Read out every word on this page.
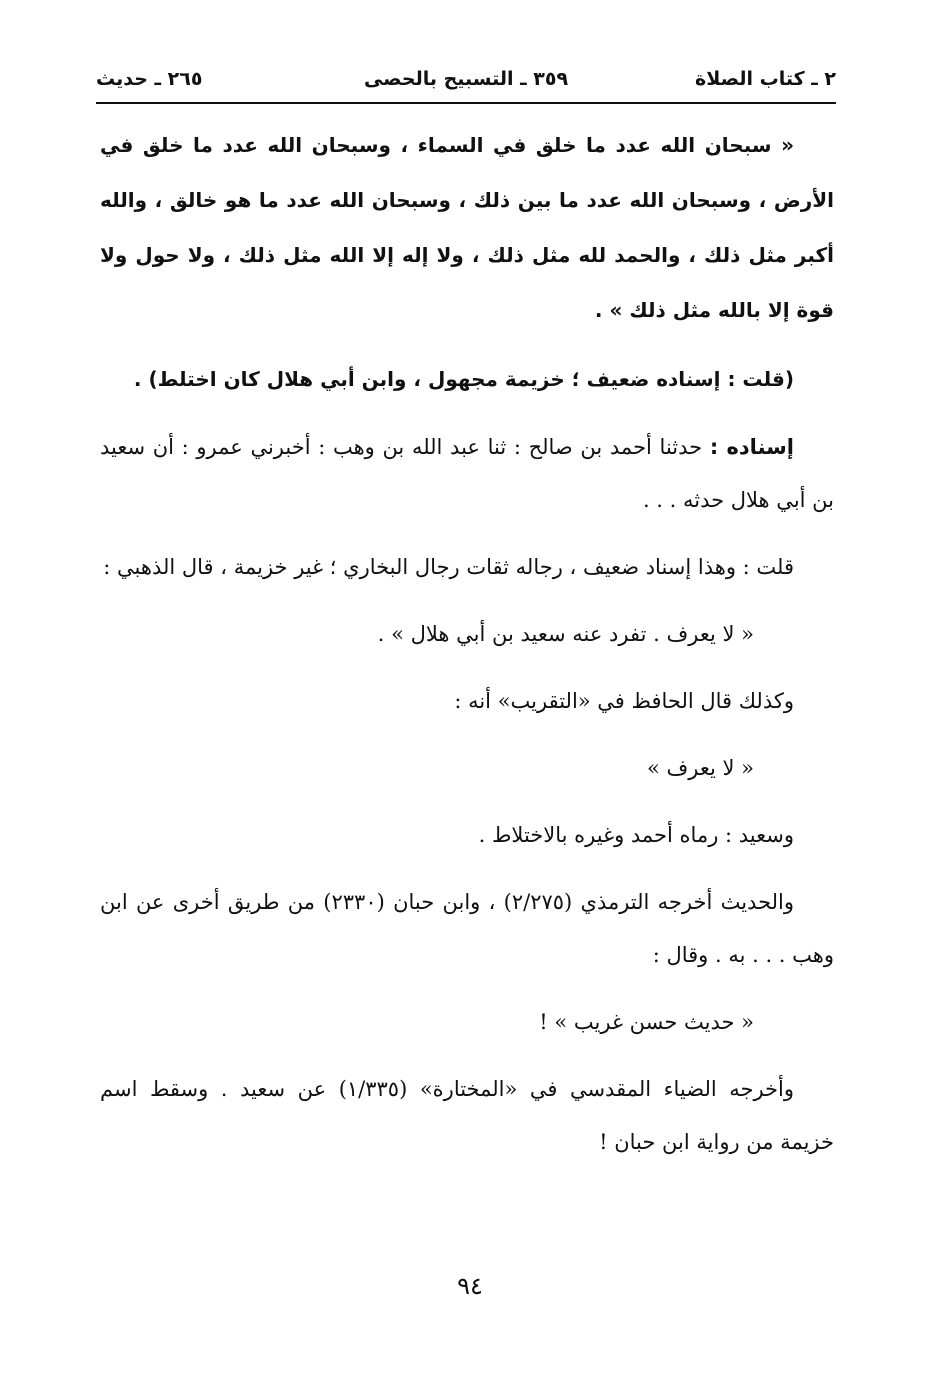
٢ ـ كتاب الصلاة
٣٥٩ ـ التسبيح بالحصى
٢٦٥ ـ حديث

« سبحان الله عدد ما خلق في السماء ، وسبحان الله عدد ما خلق في الأرض ، وسبحان الله عدد ما بين ذلك ، وسبحان الله عدد ما هو خالق ، والله أكبر مثل ذلك ، والحمد لله مثل ذلك ، ولا إله إلا الله مثل ذلك ، ولا حول ولا قوة إلا بالله مثل ذلك » .

(قلت : إسناده ضعيف ؛ خزيمة مجهول ، وابن أبي هلال كان اختلط) .

إسناده : حدثنا أحمد بن صالح : ثنا عبد الله بن وهب : أخبرني عمرو : أن سعيد بن أبي هلال حدثه . . .

قلت : وهذا إسناد ضعيف ، رجاله ثقات رجال البخاري ؛ غير خزيمة ، قال الذهبي :

« لا يعرف . تفرد عنه سعيد بن أبي هلال » .

وكذلك قال الحافظ في «التقريب» أنه :

« لا يعرف »

وسعيد : رماه أحمد وغيره بالاختلاط .

والحديث أخرجه الترمذي (٢/٢٧٥) ، وابن حبان (٢٣٣٠) من طريق أخرى عن ابن وهب . . . به . وقال :

« حديث حسن غريب » !

وأخرجه الضياء المقدسي في «المختارة» (١/٣٣٥) عن سعيد . وسقط اسم خزيمة من رواية ابن حبان !

٩٤
